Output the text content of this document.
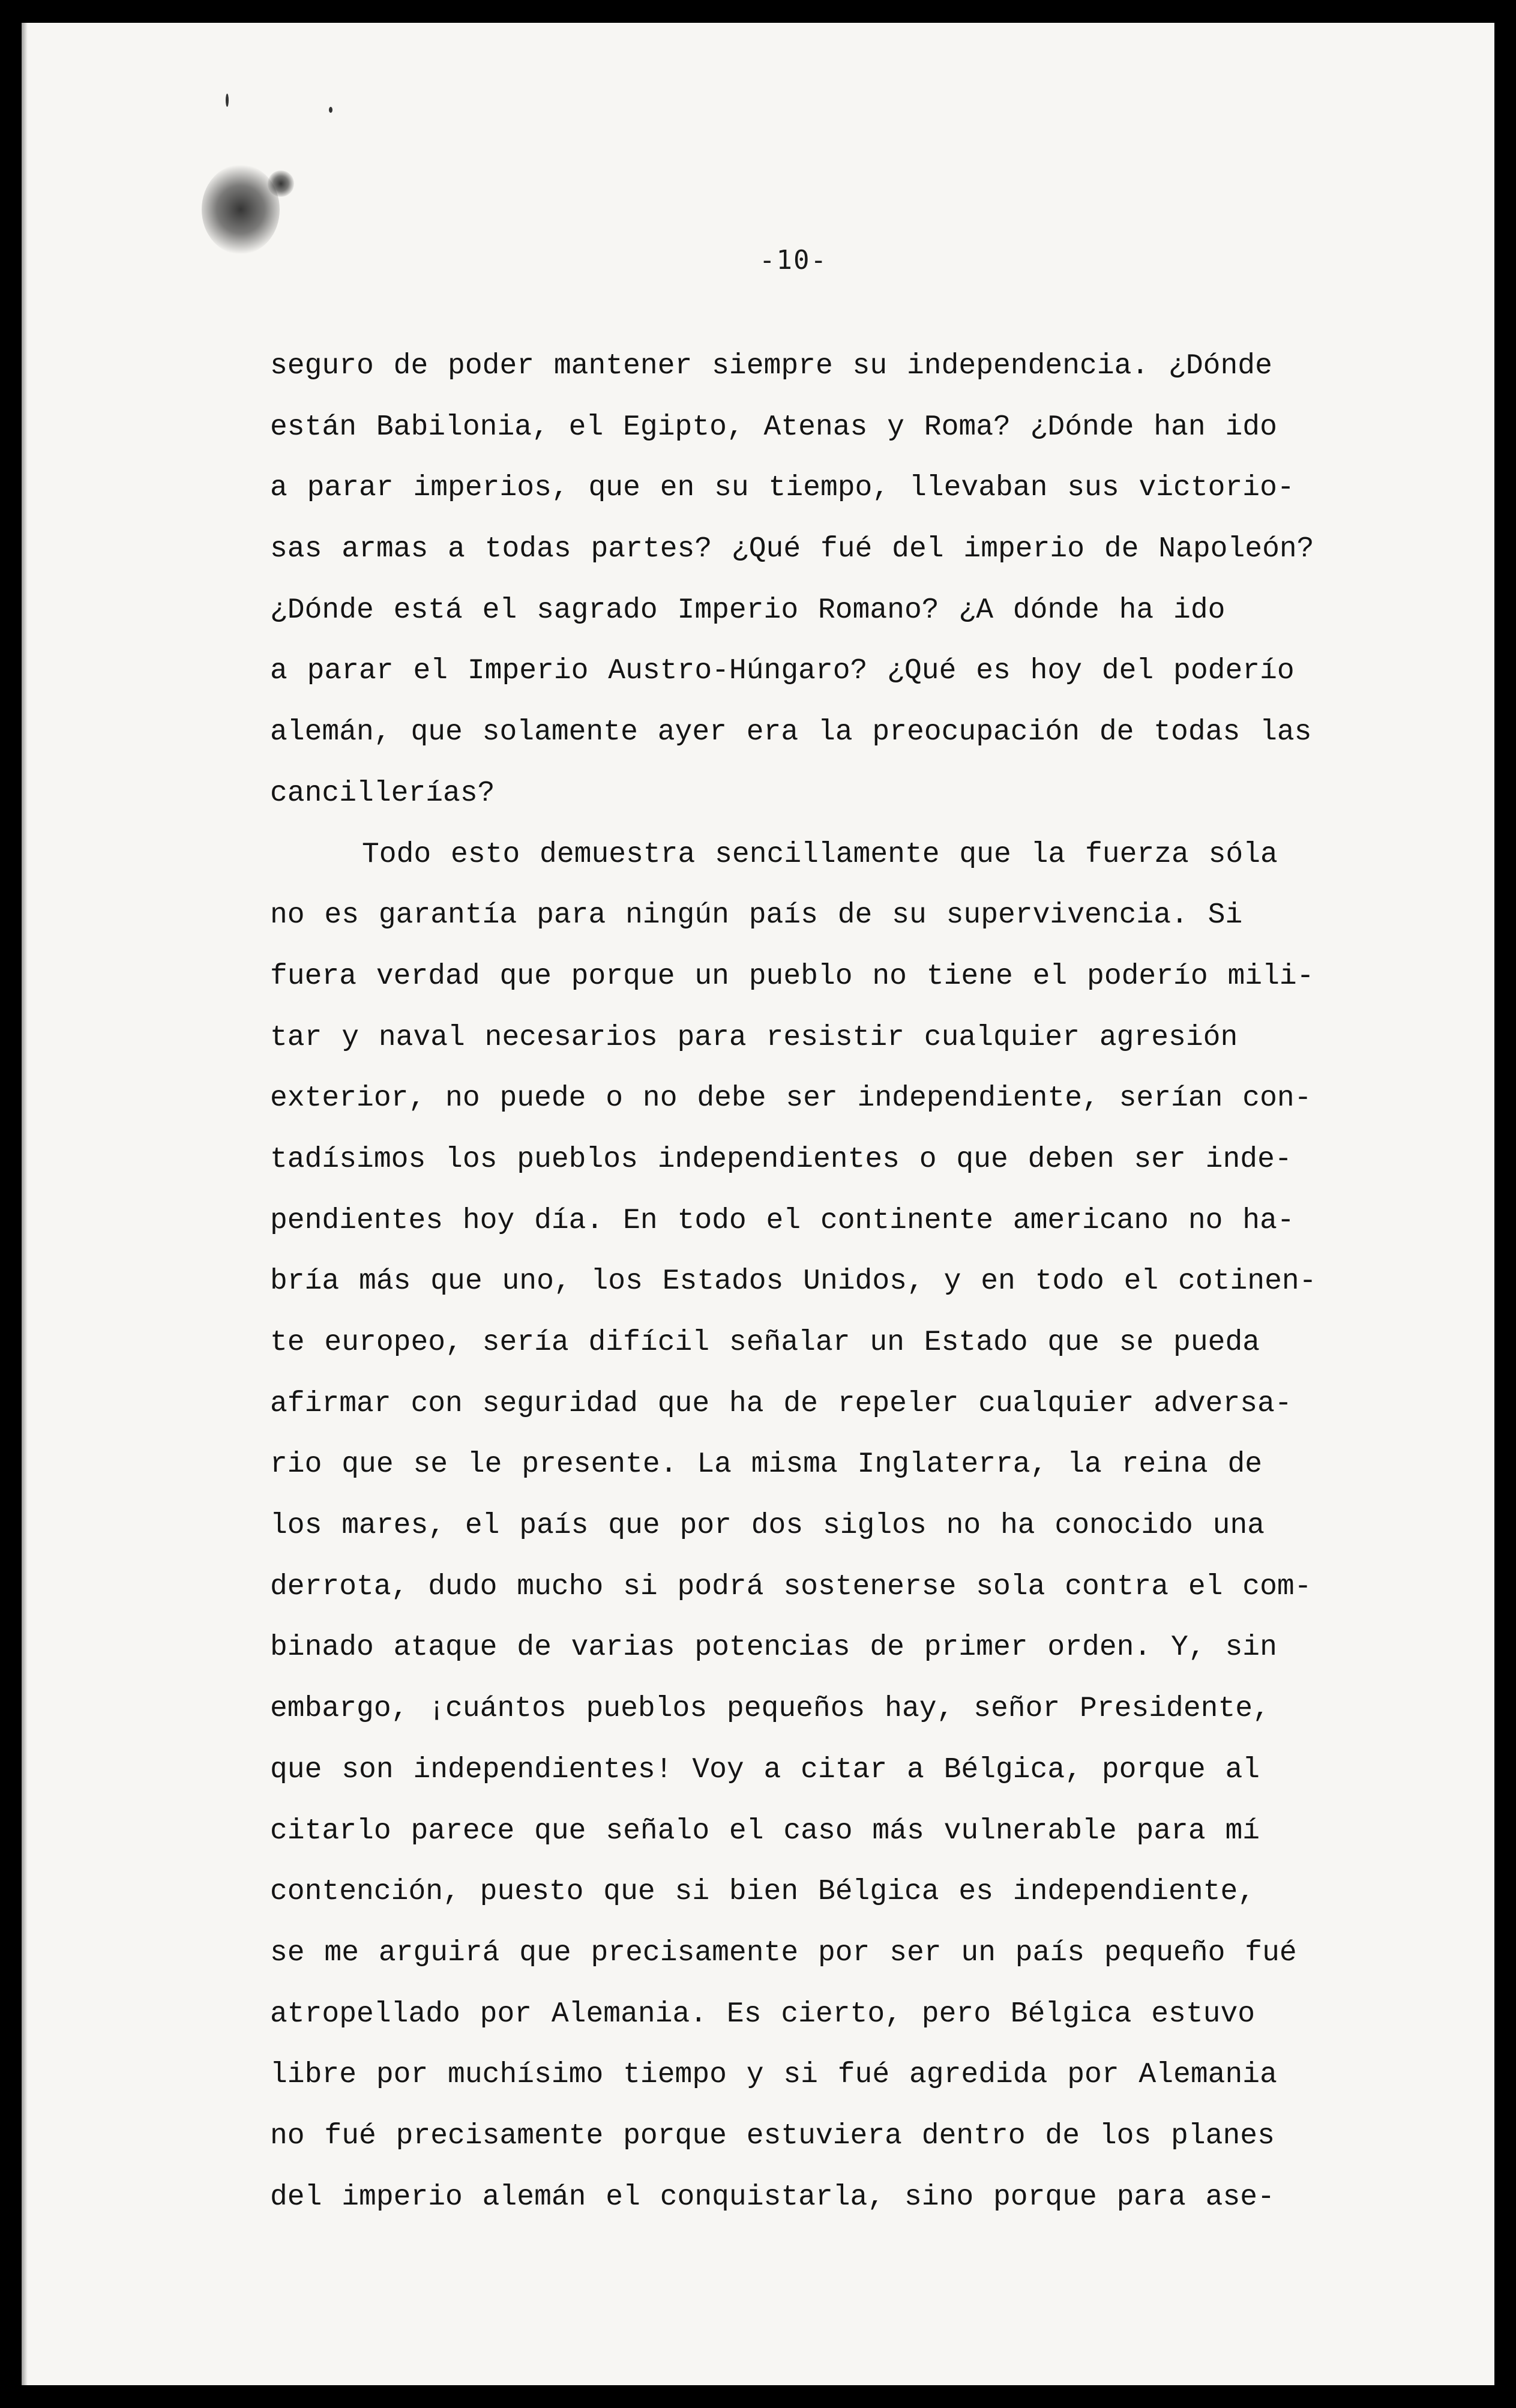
-10-
seguro de poder mantener siempre su independencia. ¿Dónde
están Babilonia, el Egipto, Atenas y Roma? ¿Dónde han ido
a parar imperios, que en su tiempo, llevaban sus victorio-
sas armas a todas partes? ¿Qué fué del imperio de Napoleón?
¿Dónde está el sagrado Imperio Romano? ¿A dónde ha ido
a parar el Imperio Austro-Húngaro? ¿Qué es hoy del poderío
alemán, que solamente ayer era la preocupación de todas las
cancillerías?
Todo esto demuestra sencillamente que la fuerza sóla
no es garantía para ningún país de su supervivencia. Si
fuera verdad que porque un pueblo no tiene el poderío mili-
tar y naval necesarios para resistir cualquier agresión
exterior, no puede o no debe ser independiente, serían con-
tadísimos los pueblos independientes o que deben ser inde-
pendientes hoy día. En todo el continente americano no ha-
bría más que uno, los Estados Unidos, y en todo el cotinen-
te europeo, sería difícil señalar un Estado que se pueda
afirmar con seguridad que ha de repeler cualquier adversa-
rio que se le presente. La misma Inglaterra, la reina de
los mares, el país que por dos siglos no ha conocido una
derrota, dudo mucho si podrá sostenerse sola contra el com-
binado ataque de varias potencias de primer orden. Y, sin
embargo, ¡cuántos pueblos pequeños hay, señor Presidente,
que son independientes! Voy a citar a Bélgica, porque al
citarlo parece que señalo el caso más vulnerable para mí
contención, puesto que si bien Bélgica es independiente,
se me arguirá que precisamente por ser un país pequeño fué
atropellado por Alemania. Es cierto, pero Bélgica estuvo
libre por muchísimo tiempo y si fué agredida por Alemania
no fué precisamente porque estuviera dentro de los planes
del imperio alemán el conquistarla, sino porque para ase-
